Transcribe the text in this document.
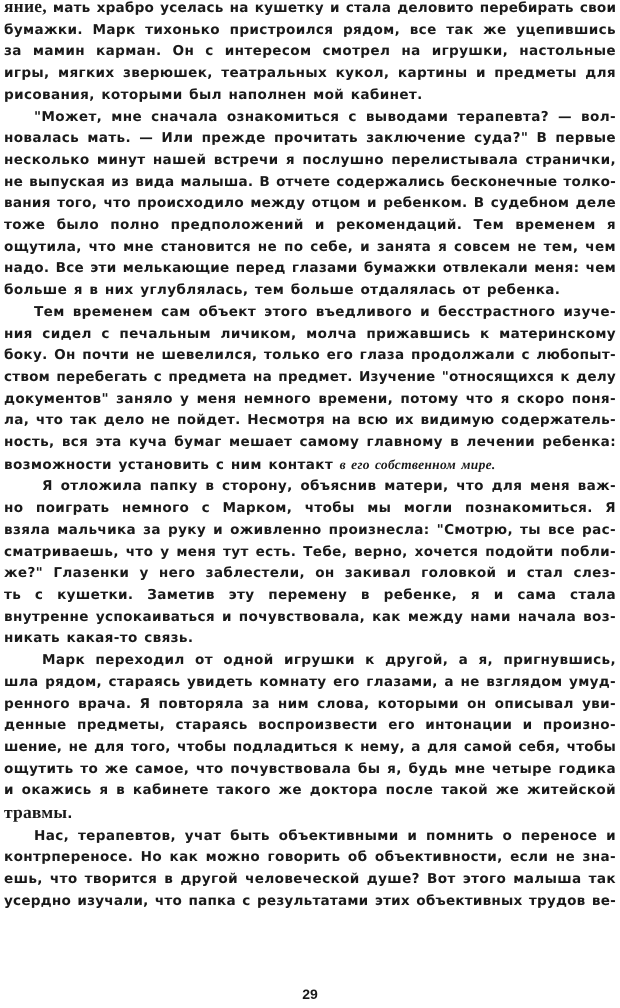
яние, мать храбро уселась на кушетку и стала деловито перебирать свои
бумажки. Марк тихонько пристроился рядом, все так же уцепившись
за мамин карман. Он с интересом смотрел на игрушки, настольные
игры, мягких зверюшек, театральных кукол, картины и предметы для
рисования, которыми был наполнен мой кабинет.
"Может, мне сначала ознакомиться с выводами терапевта? — вол-
новалась мать. — Или прежде прочитать заключение суда?" В первые
несколько минут нашей встречи я послушно перелистывала странички,
не выпуская из вида малыша. В отчете содержались бесконечные толко-
вания того, что происходило между отцом и ребенком. В судебном деле
тоже было полно предположений и рекомендаций. Тем временем я
ощутила, что мне становится не по себе, и занята я совсем не тем, чем
надо. Все эти мелькающие перед глазами бумажки отвлекали меня: чем
больше я в них углублялась, тем больше отдалялась от ребенка.
Тем временем сам объект этого въедливого и бесстрастного изуче-
ния сидел с печальным личиком, молча прижавшись к материнскому
боку. Он почти не шевелился, только его глаза продолжали с любопыт-
ством перебегать с предмета на предмет. Изучение "относящихся к делу
документов" заняло у меня немного времени, потому что я скоро поня-
ла, что так дело не пойдет. Несмотря на всю их видимую содержатель-
ность, вся эта куча бумаг мешает самому главному в лечении ребенка:
возможности установить с ним контакт в его собственном мире.
Я отложила папку в сторону, объяснив матери, что для меня важ-
но поиграть немного с Марком, чтобы мы могли познакомиться. Я
взяла мальчика за руку и оживленно произнесла: "Смотрю, ты все рас-
сматриваешь, что у меня тут есть. Тебе, верно, хочется подойти побли-
же?" Глазенки у него заблестели, он закивал головкой и стал слез-
ть с кушетки. Заметив эту перемену в ребенке, я и сама стала
внутренне успокаиваться и почувствовала, как между нами начала воз-
никать какая-то связь.
Марк переходил от одной игрушки к другой, а я, пригнувшись,
шла рядом, стараясь увидеть комнату его глазами, а не взглядом умуд-
ренного врача. Я повторяла за ним слова, которыми он описывал уви-
денные предметы, стараясь воспроизвести его интонации и произно-
шение, не для того, чтобы подладиться к нему, а для самой себя, чтобы
ощутить то же самое, что почувствовала бы я, будь мне четыре годика
и окажись я в кабинете такого же доктора после такой же житейской
травмы.
Нас, терапевтов, учат быть объективными и помнить о переносе и
контрпереносе. Но как можно говорить об объективности, если не зна-
ешь, что творится в другой человеческой душе? Вот этого малыша так
усердно изучали, что папка с результатами этих объективных трудов ве-
29
